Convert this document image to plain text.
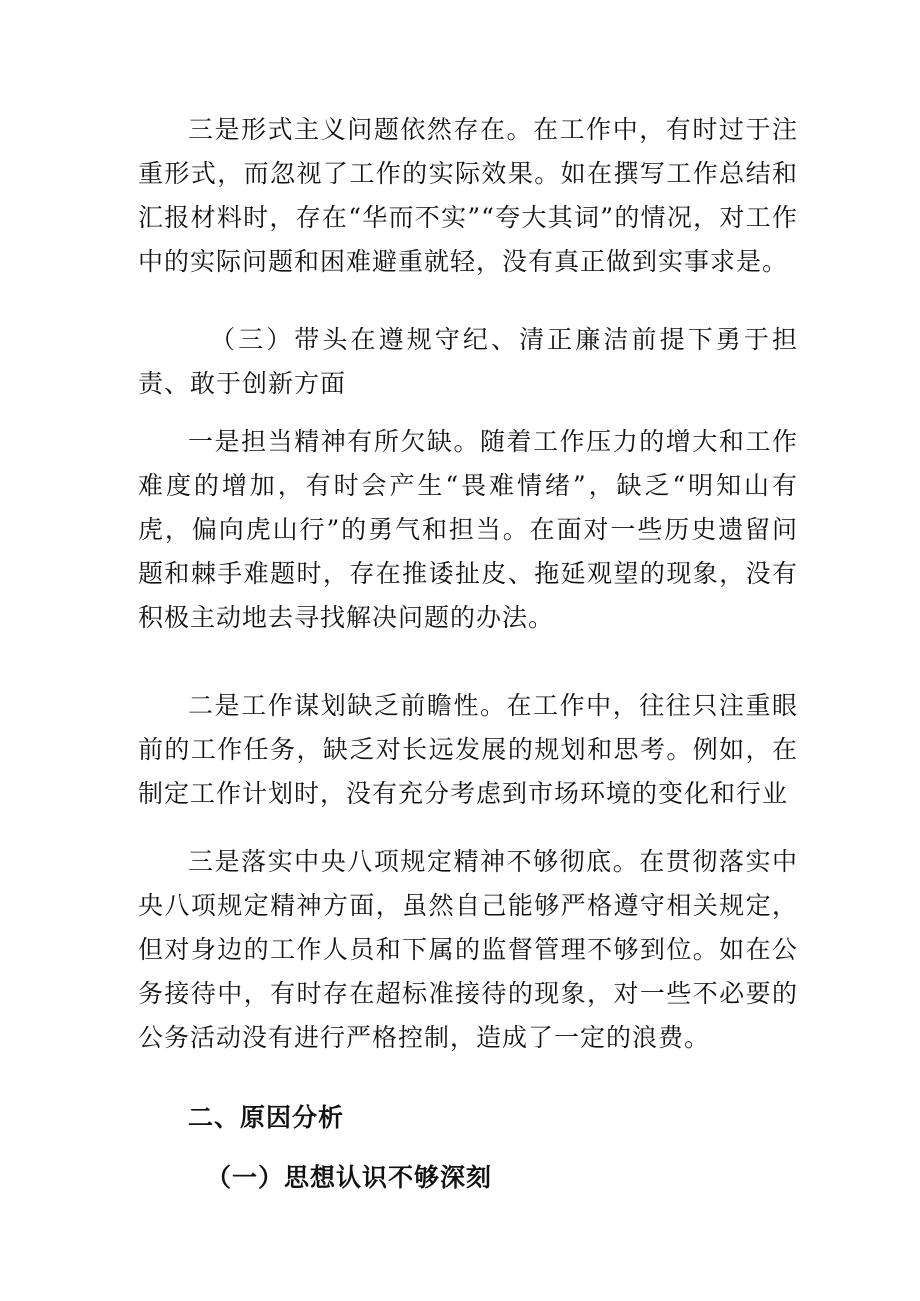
三是形式主义问题依然存在。在工作中，有时过于注重形式，而忽视了工作的实际效果。如在撰写工作总结和汇报材料时，存在“华而不实”“夸大其词”的情况，对工作中的实际问题和困难避重就轻，没有真正做到实事求是。

（三）带头在遵规守纪、清正廉洁前提下勇于担责、敢于创新方面

一是担当精神有所欠缺。随着工作压力的增大和工作难度的增加，有时会产生“畏难情绪”，缺乏“明知山有虎，偏向虎山行”的勇气和担当。在面对一些历史遗留问题和棘手难题时，存在推诿扯皮、拖延观望的现象，没有积极主动地去寻找解决问题的办法。

二是工作谋划缺乏前瞻性。在工作中，往往只注重眼前的工作任务，缺乏对长远发展的规划和思考。例如，在制定工作计划时，没有充分考虑到市场环境的变化和行业

三是落实中央八项规定精神不够彻底。在贯彻落实中央八项规定精神方面，虽然自己能够严格遵守相关规定，但对身边的工作人员和下属的监督管理不够到位。如在公务接待中，有时存在超标准接待的现象，对一些不必要的公务活动没有进行严格控制，造成了一定的浪费。

二、原因分析
（一）思想认识不够深刻
